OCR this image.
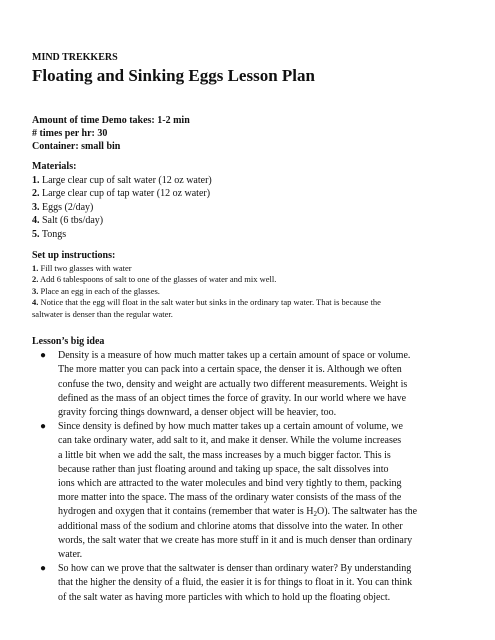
MIND TREKKERS
Floating and Sinking Eggs Lesson Plan
Amount of time Demo takes: 1-2 min
# times per hr: 30
Container: small bin
Materials:
1. Large clear cup of salt water (12 oz water)
2. Large clear cup of tap water (12 oz water)
3. Eggs (2/day)
4. Salt (6 tbs/day)
5. Tongs
Set up instructions:
1. Fill two glasses with water
2. Add 6 tablespoons of salt to one of the glasses of water and mix well.
3. Place an egg in each of the glasses.
4. Notice that the egg will float in the salt water but sinks in the ordinary tap water. That is because the
saltwater is denser than the regular water.
Lesson’s big idea
● Density is a measure of how much matter takes up a certain amount of space or volume.
The more matter you can pack into a certain space, the denser it is. Although we often
confuse the two, density and weight are actually two different measurements. Weight is
defined as the mass of an object times the force of gravity. In our world where we have
gravity forcing things downward, a denser object will be heavier, too.
● Since density is defined by how much matter takes up a certain amount of volume, we
can take ordinary water, add salt to it, and make it denser. While the volume increases
a little bit when we add the salt, the mass increases by a much bigger factor. This is
because rather than just floating around and taking up space, the salt dissolves into
ions which are attracted to the water molecules and bind very tightly to them, packing
more matter into the space. The mass of the ordinary water consists of the mass of the
hydrogen and oxygen that it contains (remember that water is $H_2O$). The saltwater has the
additional mass of the sodium and chlorine atoms that dissolve into the water. In other
words, the salt water that we create has more stuff in it and is much denser than ordinary
water.
● So how can we prove that the saltwater is denser than ordinary water? By understanding
that the higher the density of a fluid, the easier it is for things to float in it. You can think
of the salt water as having more particles with which to hold up the floating object.
